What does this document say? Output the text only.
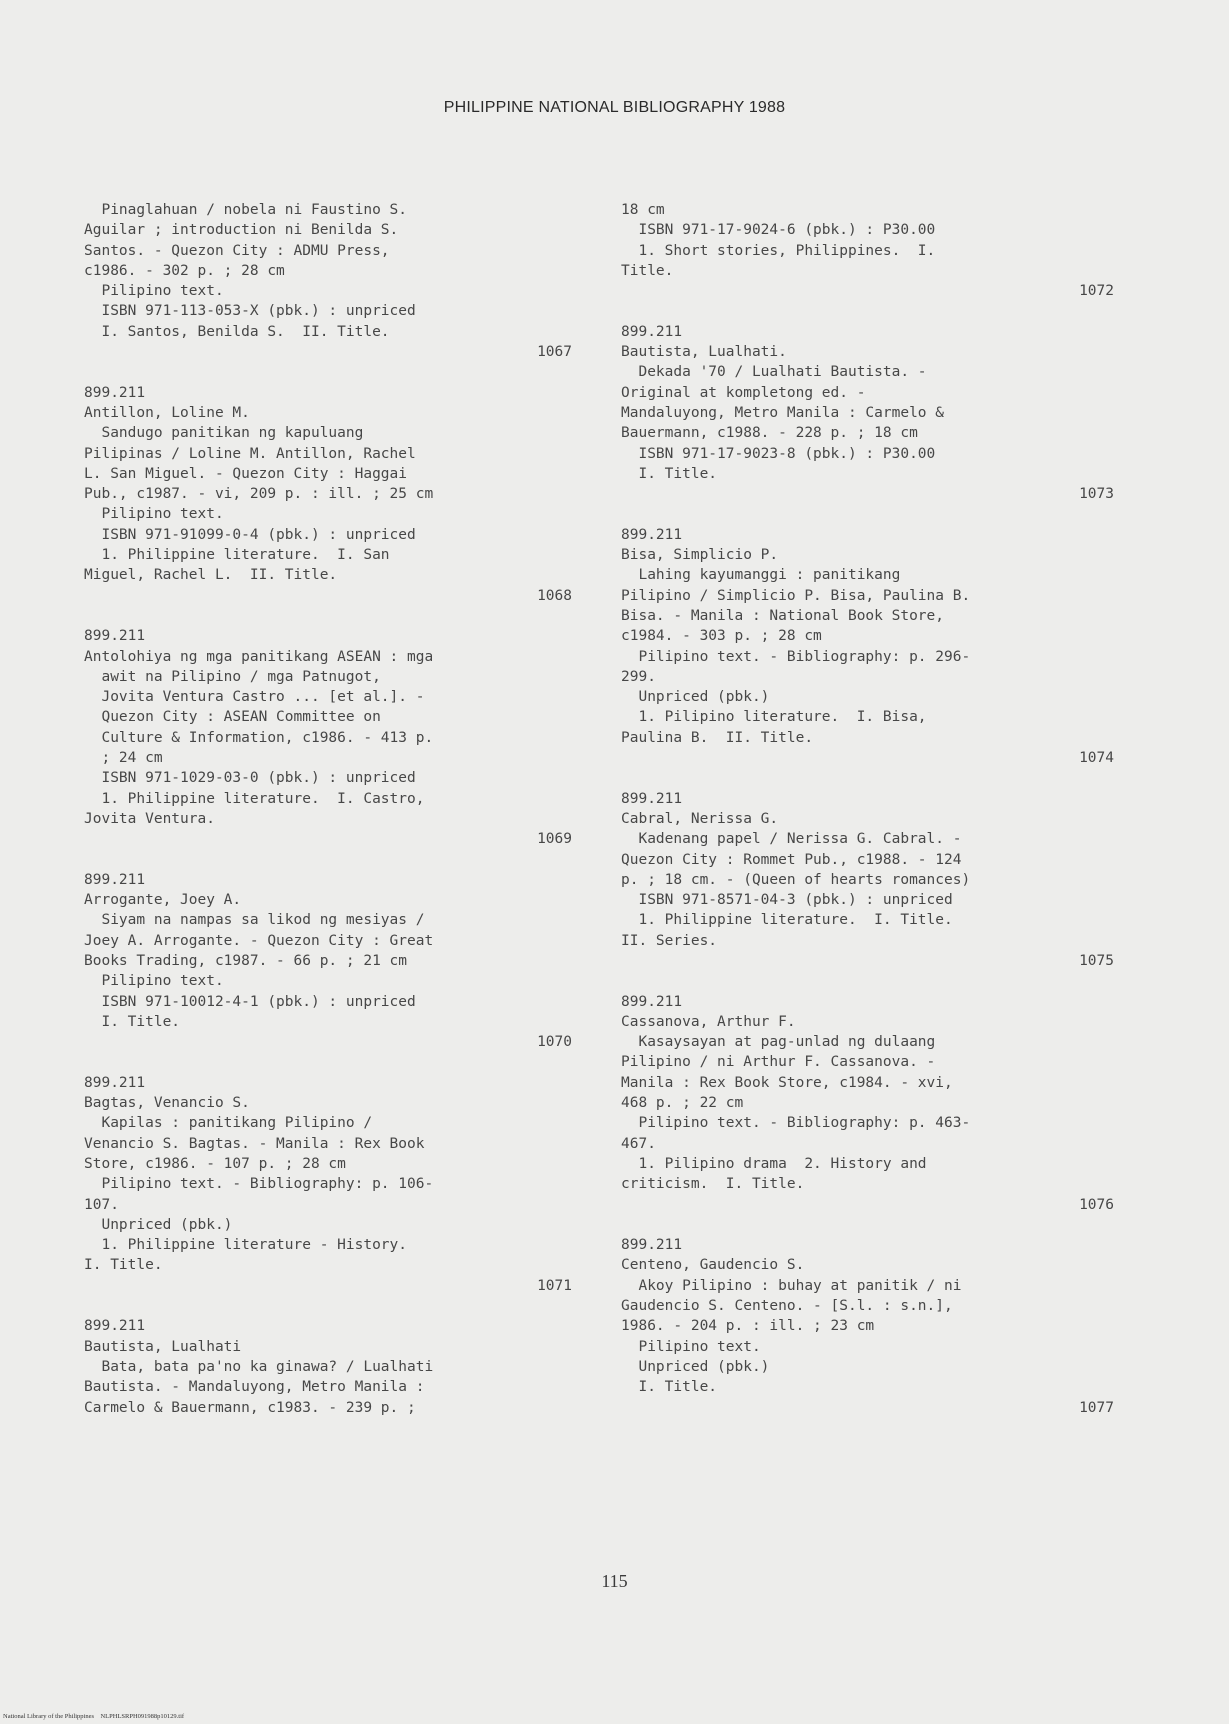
PHILIPPINE NATIONAL BIBLIOGRAPHY 1988
Pinaglahuan / nobela ni Faustino S.
Aguilar ; introduction ni Benilda S.
Santos. - Quezon City : ADMU Press,
c1986. - 302 p. ; 28 cm
Pilipino text.
ISBN 971-113-053-X (pbk.) : unpriced
I. Santos, Benilda S.  II. Title.
1067
899.211
Antillon, Loline M.
Sandugo panitikan ng kapuluang
Pilipinas / Loline M. Antillon, Rachel
L. San Miguel. - Quezon City : Haggai
Pub., c1987. - vi, 209 p. : ill. ; 25 cm
Pilipino text.
ISBN 971-91099-0-4 (pbk.) : unpriced
1. Philippine literature.  I. San
Miguel, Rachel L.  II. Title.
1068
899.211
Antolohiya ng mga panitikang ASEAN : mga
awit na Pilipino / mga Patnugot,
Jovita Ventura Castro ... [et al.]. -
Quezon City : ASEAN Committee on
Culture & Information, c1986. - 413 p.
; 24 cm
ISBN 971-1029-03-0 (pbk.) : unpriced
1. Philippine literature.  I. Castro,
Jovita Ventura.
1069
899.211
Arrogante, Joey A.
Siyam na nampas sa likod ng mesiyas /
Joey A. Arrogante. - Quezon City : Great
Books Trading, c1987. - 66 p. ; 21 cm
Pilipino text.
ISBN 971-10012-4-1 (pbk.) : unpriced
I. Title.
1070
899.211
Bagtas, Venancio S.
Kapilas : panitikang Pilipino /
Venancio S. Bagtas. - Manila : Rex Book
Store, c1986. - 107 p. ; 28 cm
Pilipino text. - Bibliography: p. 106-
107.
Unpriced (pbk.)
1. Philippine literature - History.
I. Title.
1071
899.211
Bautista, Lualhati
Bata, bata pa'no ka ginawa? / Lualhati
Bautista. - Mandaluyong, Metro Manila :
Carmelo & Bauermann, c1983. - 239 p. ;
18 cm
ISBN 971-17-9024-6 (pbk.) : P30.00
1. Short stories, Philippines.  I.
Title.
1072
899.211
Bautista, Lualhati.
Dekada '70 / Lualhati Bautista. -
Original at kompletong ed. -
Mandaluyong, Metro Manila : Carmelo &
Bauermann, c1988. - 228 p. ; 18 cm
ISBN 971-17-9023-8 (pbk.) : P30.00
I. Title.
1073
899.211
Bisa, Simplicio P.
Lahing kayumanggi : panitikang
Pilipino / Simplicio P. Bisa, Paulina B.
Bisa. - Manila : National Book Store,
c1984. - 303 p. ; 28 cm
Pilipino text. - Bibliography: p. 296-
299.
Unpriced (pbk.)
1. Pilipino literature.  I. Bisa,
Paulina B.  II. Title.
1074
899.211
Cabral, Nerissa G.
Kadenang papel / Nerissa G. Cabral. -
Quezon City : Rommet Pub., c1988. - 124
p. ; 18 cm. - (Queen of hearts romances)
ISBN 971-8571-04-3 (pbk.) : unpriced
1. Philippine literature.  I. Title.
II. Series.
1075
899.211
Cassanova, Arthur F.
Kasaysayan at pag-unlad ng dulaang
Pilipino / ni Arthur F. Cassanova. -
Manila : Rex Book Store, c1984. - xvi,
468 p. ; 22 cm
Pilipino text. - Bibliography: p. 463-
467.
1. Pilipino drama  2. History and
criticism.  I. Title.
1076
899.211
Centeno, Gaudencio S.
Akoy Pilipino : buhay at panitik / ni
Gaudencio S. Centeno. - [S.l. : s.n.],
1986. - 204 p. : ill. ; 23 cm
Pilipino text.
Unpriced (pbk.)
I. Title.
1077
115
National Library of the Philippines    NLPHLSRPH091988p10129.tif
